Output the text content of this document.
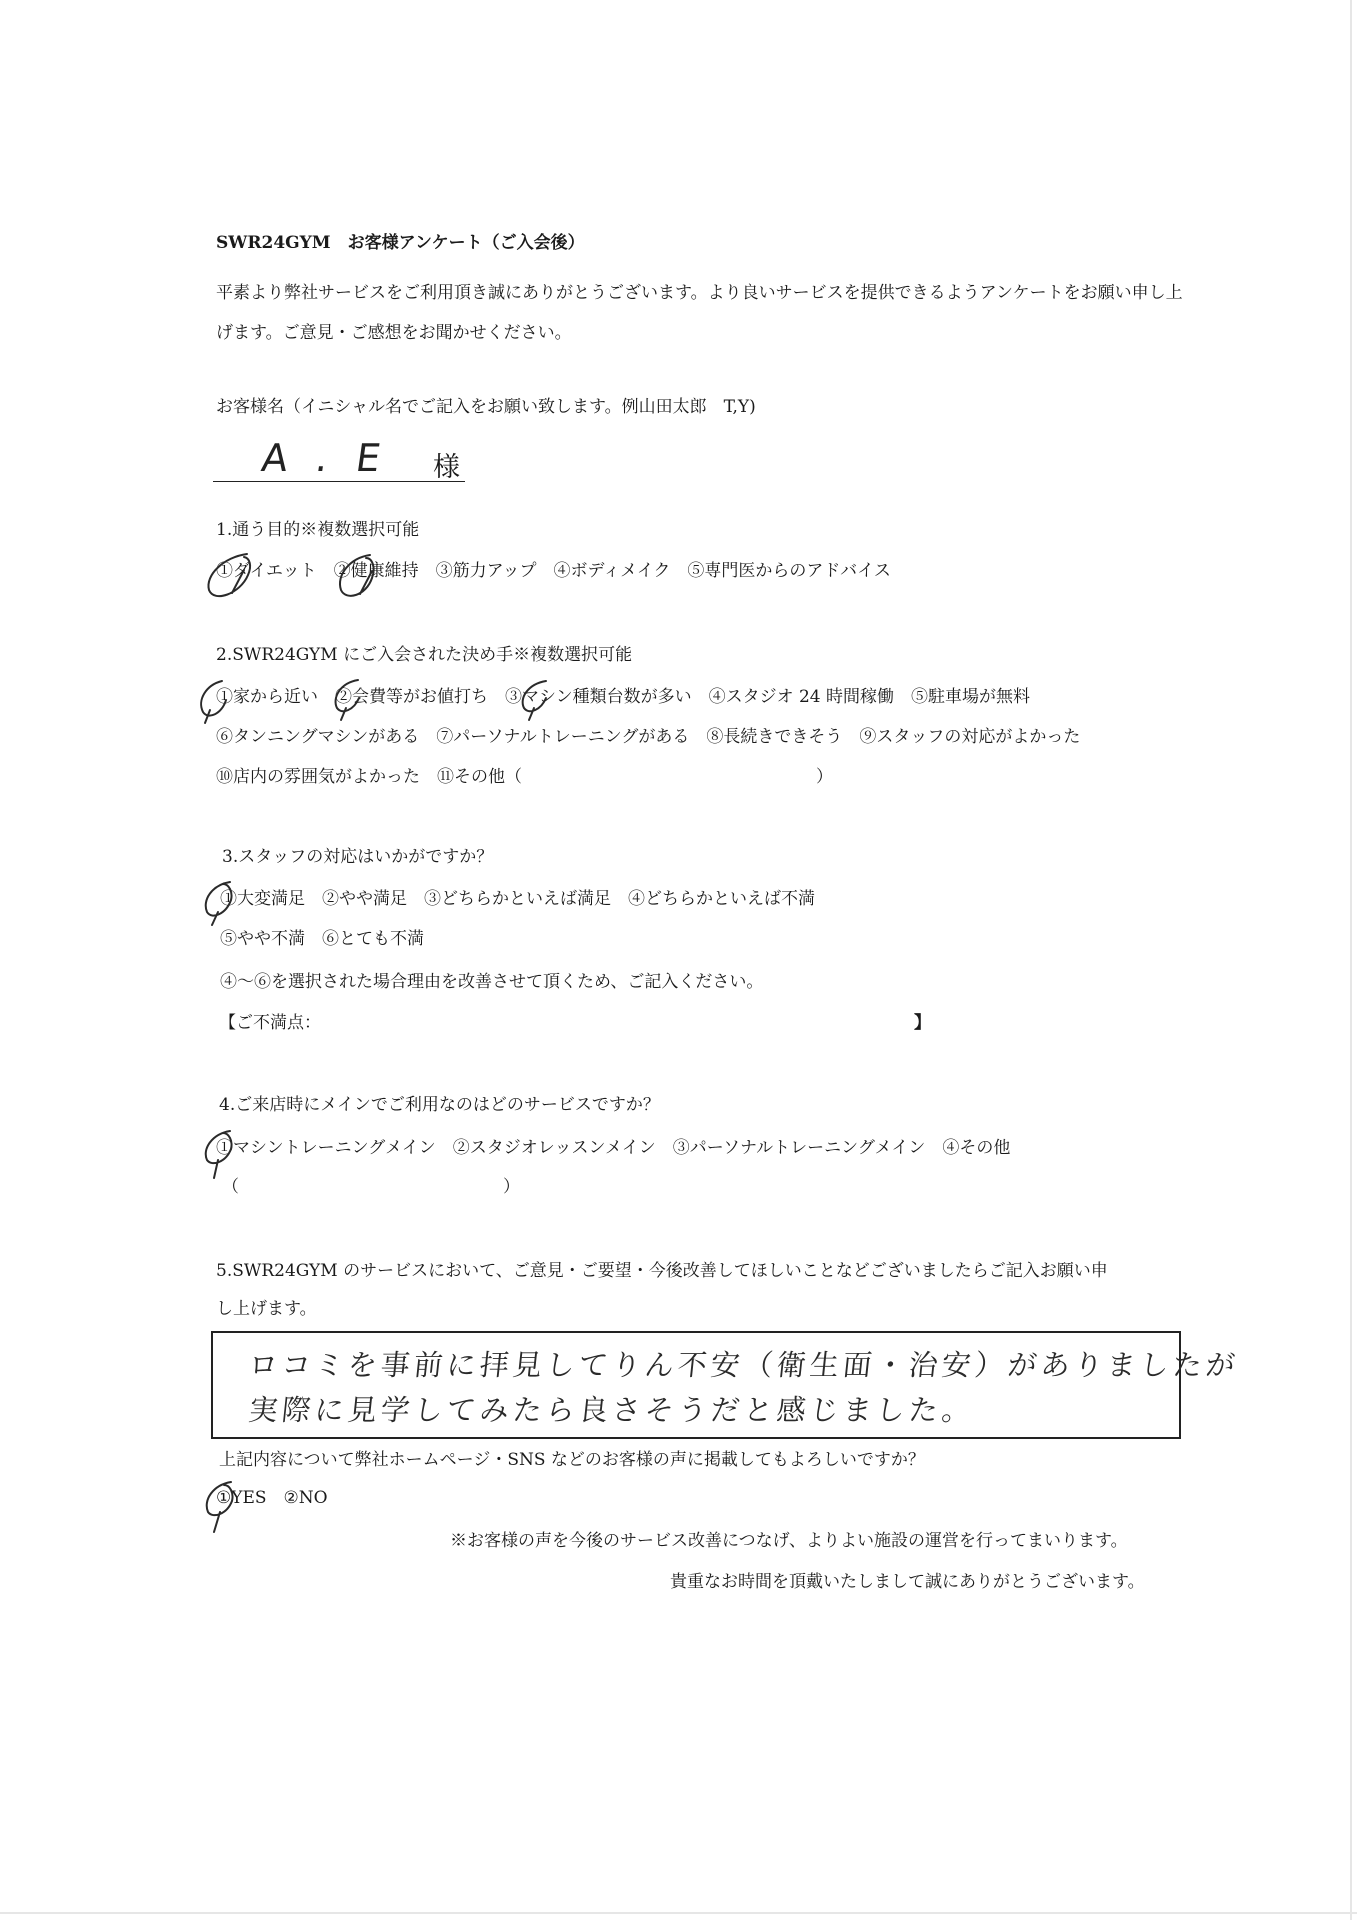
SWR24GYM　お客様アンケート（ご入会後）
平素より弊社サービスをご利用頂き誠にありがとうございます。より良いサービスを提供できるようアンケートをお願い申し上げます。ご意見・ご感想をお聞かせください。
お客様名（イニシャル名でご記入をお願い致します。例山田太郎　T,Y)
A . E 様
1.通う目的※複数選択可能
①ダイエット　②健康維持　③筋力アップ　④ボディメイク　⑤専門医からのアドバイス
2.SWR24GYM にご入会された決め手※複数選択可能
①家から近い　②会費等がお値打ち　③マシン種類台数が多い　④スタジオ 24 時間稼働　⑤駐車場が無料
⑥タンニングマシンがある　⑦パーソナルトレーニングがある　⑧長続きできそう　⑨スタッフの対応がよかった
⑩店内の雰囲気がよかった　⑪その他（	）
3.スタッフの対応はいかがですか？
①大変満足　②やや満足　③どちらかといえば満足　④どちらかといえば不満
⑤やや不満　⑥とても不満
④〜⑥を選択された場合理由を改善させて頂くため、ご記入ください。
【ご不満点：	】
4.ご来店時にメインでご利用なのはどのサービスですか？
①マシントレーニングメイン　②スタジオレッスンメイン　③パーソナルトレーニングメイン　④その他
（	）
5.SWR24GYM のサービスにおいて、ご意見・ご要望・今後改善してほしいことなどございましたらご記入お願い申
し上げます。
ロコミを事前に拝見してりん不安（衛生面・治安）がありましたが
実際に見学してみたら良さそうだと感じました。
上記内容について弊社ホームページ・SNS などのお客様の声に掲載してもよろしいですか？
①YES　②NO
※お客様の声を今後のサービス改善につなげ、よりよい施設の運営を行ってまいります。
貴重なお時間を頂戴いたしまして誠にありがとうございます。
